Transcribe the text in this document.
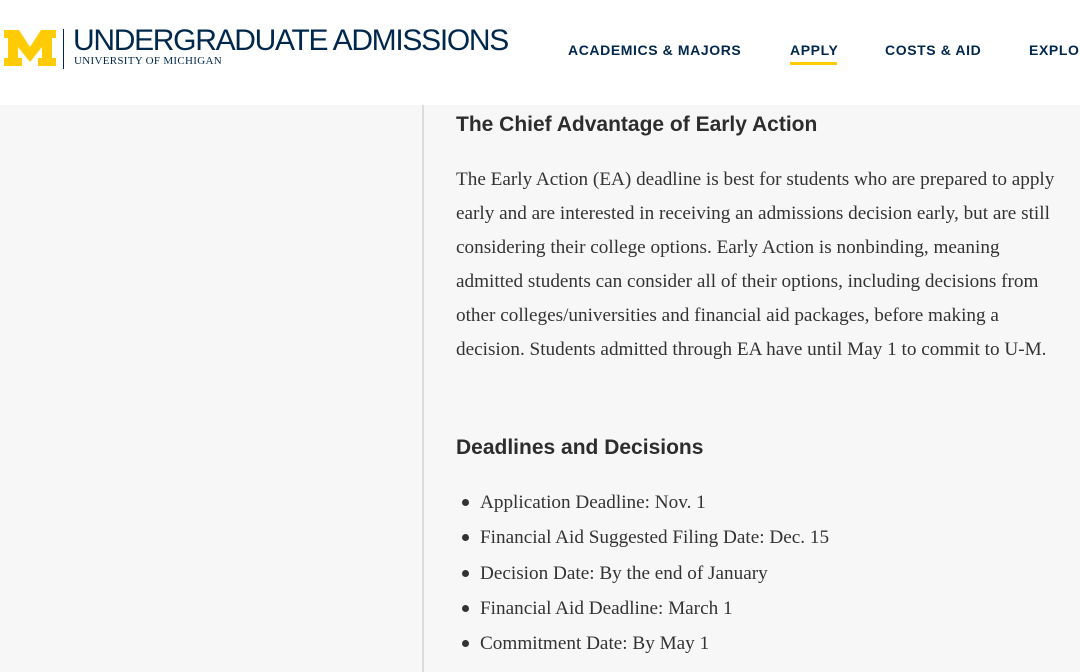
UNDERGRADUATE ADMISSIONS
UNIVERSITY OF MICHIGAN
ACADEMICS & MAJORS	APPLY	COSTS & AID	EXPLO
The Chief Advantage of Early Action

The Early Action (EA) deadline is best for students who are prepared to apply early and are interested in receiving an admissions decision early, but are still considering their college options. Early Action is nonbinding, meaning admitted students can consider all of their options, including decisions from other colleges/universities and financial aid packages, before making a decision. Students admitted through EA have until May 1 to commit to U-M.

Deadlines and Decisions
Application Deadline: Nov. 1
Financial Aid Suggested Filing Date: Dec. 15
Decision Date: By the end of January
Financial Aid Deadline: March 1
Commitment Date: By May 1
